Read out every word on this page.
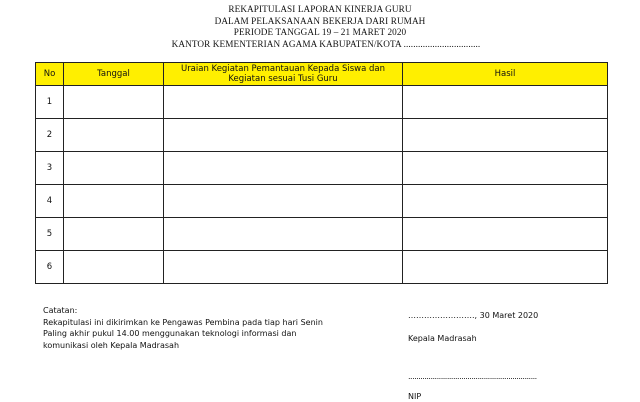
REKAPITULASI LAPORAN KINERJA GURU
DALAM PELAKSANAAN BEKERJA DARI RUMAH
PERIODE TANGGAL 19 – 21 MARET 2020
KANTOR KEMENTERIAN AGAMA KABUPATEN/KOTA ................................
No	Tanggal	Uraian Kegiatan Pemantauan Kepada Siswa dan
Kegiatan sesuai Tusi Guru	Hasil
1			
2			
3			
4			
5			
6			
Catatan:
Rekapitulasi ini dikirimkan ke Pengawas Pembina pada tiap hari Senin
Paling akhir pukul 14.00 menggunakan teknologi informasi dan
komunikasi oleh Kepala Madrasah
……………………., 30 Maret 2020
Kepala Madrasah
...............................................................
NIP
